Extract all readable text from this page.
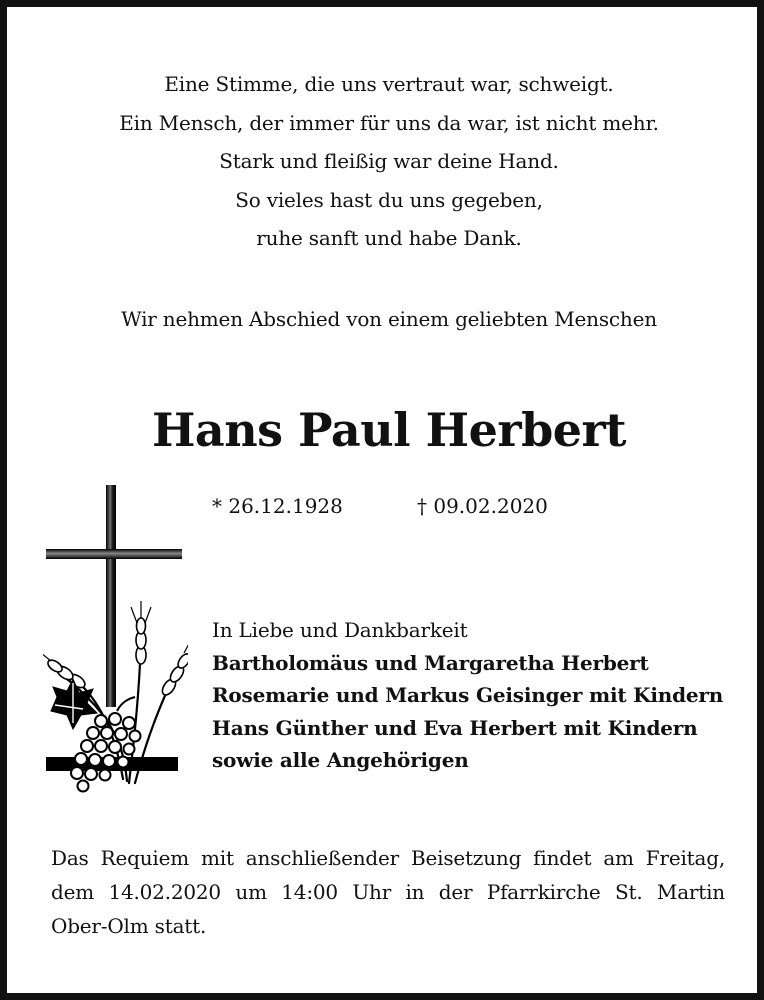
Eine Stimme, die uns vertraut war, schweigt.
Ein Mensch, der immer für uns da war, ist nicht mehr.
Stark und fleißig war deine Hand.
So vieles hast du uns gegeben,
ruhe sanft und habe Dank.
Wir nehmen Abschied von einem geliebten Menschen
Hans Paul Herbert
* 26.12.1928	† 09.02.2020
In Liebe und Dankbarkeit
Bartholomäus und Margaretha Herbert
Rosemarie und Markus Geisinger mit Kindern
Hans Günther und Eva Herbert mit Kindern
sowie alle Angehörigen
Das Requiem mit anschließender Beisetzung findet am Freitag,
dem 14.02.2020 um 14:00 Uhr in der Pfarrkirche St. Martin
Ober-Olm statt.
